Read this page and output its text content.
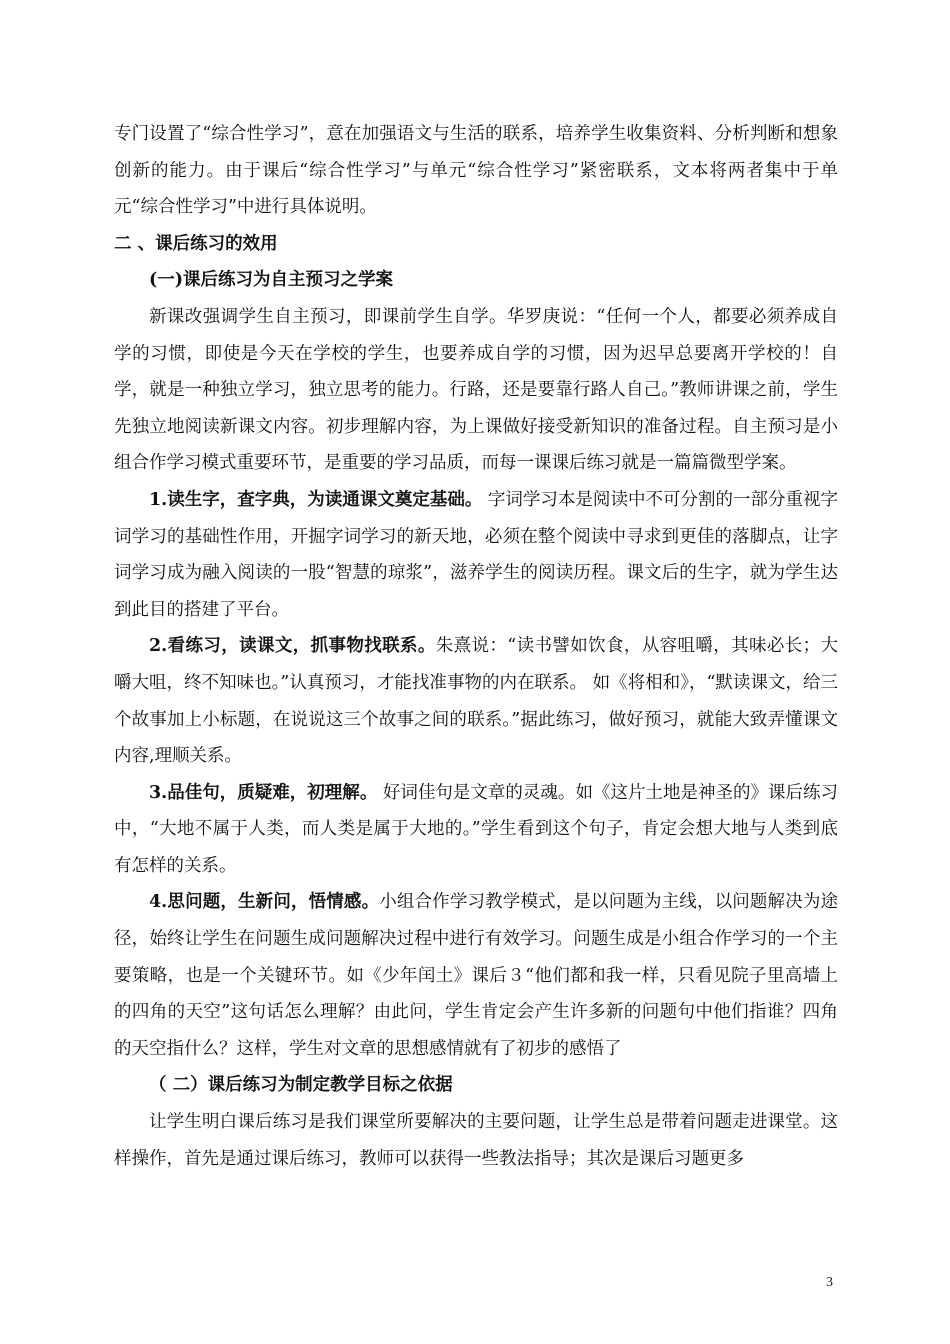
专门设置了“综合性学习”，意在加强语文与生活的联系，培养学生收集资料、分析判断和想象创新的能力。由于课后“综合性学习”与单元“综合性学习”紧密联系，文本将两者集中于单元“综合性学习”中进行具体说明。

二 、课后练习的效用

(一)课后练习为自主预习之学案

新课改强调学生自主预习，即课前学生自学。华罗庚说：“任何一个人，都要必须养成自学的习惯，即使是今天在学校的学生，也要养成自学的习惯，因为迟早总要离开学校的！自学，就是一种独立学习，独立思考的能力。行路，还是要靠行路人自己。”教师讲课之前，学生先独立地阅读新课文内容。初步理解内容，为上课做好接受新知识的准备过程。自主预习是小组合作学习模式重要环节，是重要的学习品质，而每一课课后练习就是一篇篇微型学案。

1.读生字，查字典，为读通课文奠定基础。 字词学习本是阅读中不可分割的一部分重视字词学习的基础性作用，开掘字词学习的新天地，必须在整个阅读中寻求到更佳的落脚点，让字词学习成为融入阅读的一股“智慧的琼浆”，滋养学生的阅读历程。课文后的生字，就为学生达到此目的搭建了平台。

2.看练习，读课文，抓事物找联系。朱熹说：“读书譬如饮食，从容咀嚼，其味必长；大嚼大咀，终不知味也。”认真预习，才能找准事物的内在联系。 如《将相和》，“默读课文，给三个故事加上小标题，在说说这三个故事之间的联系。”据此练习，做好预习，就能大致弄懂课文内容,理顺关系。

3.品佳句，质疑难，初理解。 好词佳句是文章的灵魂。如《这片土地是神圣的》课后练习中，“大地不属于人类，而人类是属于大地的。”学生看到这个句子，肯定会想大地与人类到底有怎样的关系。

4.思问题，生新问，悟情感。小组合作学习教学模式，是以问题为主线，以问题解决为途径，始终让学生在问题生成问题解决过程中进行有效学习。问题生成是小组合作学习的一个主要策略，也是一个关键环节。如《少年闰土》课后３“他们都和我一样，只看见院子里高墙上的四角的天空”这句话怎么理解？由此问，学生肯定会产生许多新的问题句中他们指谁？四角的天空指什么？这样，学生对文章的思想感情就有了初步的感悟了

（ 二）课后练习为制定教学目标之依据

让学生明白课后练习是我们课堂所要解决的主要问题，让学生总是带着问题走进课堂。这样操作，首先是通过课后练习，教师可以获得一些教法指导；其次是课后习题更多

3
